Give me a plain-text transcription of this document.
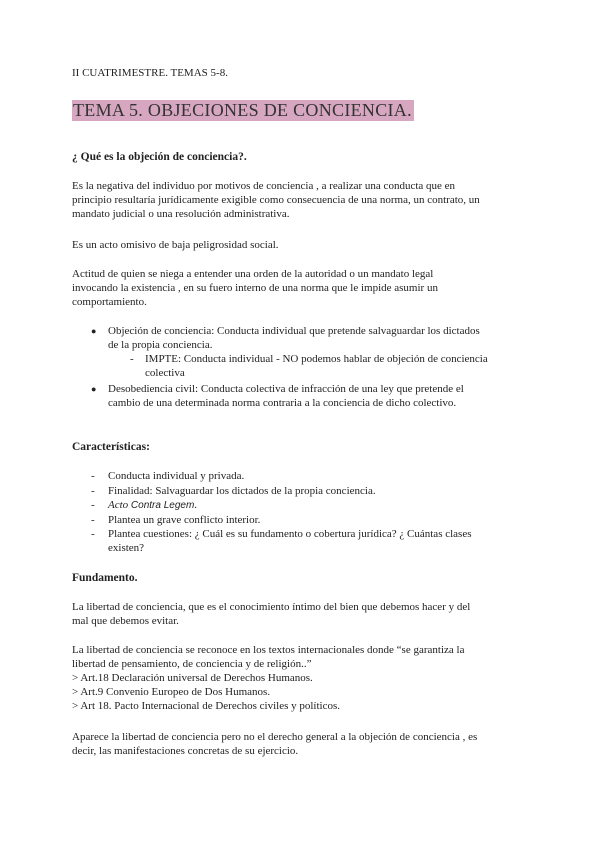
II CUATRIMESTRE. TEMAS 5-8.
TEMA 5. OBJECIONES DE CONCIENCIA.
¿ Qué es la objeción de conciencia?.
Es la negativa del individuo por motivos de conciencia , a realizar una conducta que en
principio resultaría jurídicamente exigible como consecuencia de una norma, un contrato, un
mandato judicial o una resolución administrativa.
Es un acto omisivo de baja peligrosidad social.
Actitud de quien se niega a entender una orden de la autoridad o un mandato legal
invocando la existencia , en su fuero interno de una norma que le impide asumir un
comportamiento.
● Objeción de conciencia: Conducta individual que pretende salvaguardar los dictados
de la propia conciencia.
- IMPTE: Conducta individual - NO podemos hablar de objeción de conciencia
colectiva
● Desobediencia civil: Conducta colectiva de infracción de una ley que pretende el
cambio de una determinada norma contraria a la conciencia de dicho colectivo.
Características:
- Conducta individual y privada.
- Finalidad: Salvaguardar los dictados de la propia conciencia.
- Acto Contra Legem.
- Plantea un grave conflicto interior.
- Plantea cuestiones: ¿ Cuál es su fundamento o cobertura jurídica? ¿ Cuántas clases
existen?
Fundamento.
La libertad de conciencia, que es el conocimiento íntimo del bien que debemos hacer y del
mal que debemos evitar.
La libertad de conciencia se reconoce en los textos internacionales donde “se garantiza la
libertad de pensamiento, de conciencia y de religión..”
> Art.18 Declaración universal de Derechos Humanos.
> Art.9 Convenio Europeo de Dos Humanos.
> Art 18. Pacto Internacional de Derechos civiles y políticos.
Aparece la libertad de conciencia pero no el derecho general a la objeción de conciencia , es
decir, las manifestaciones concretas de su ejercicio.
